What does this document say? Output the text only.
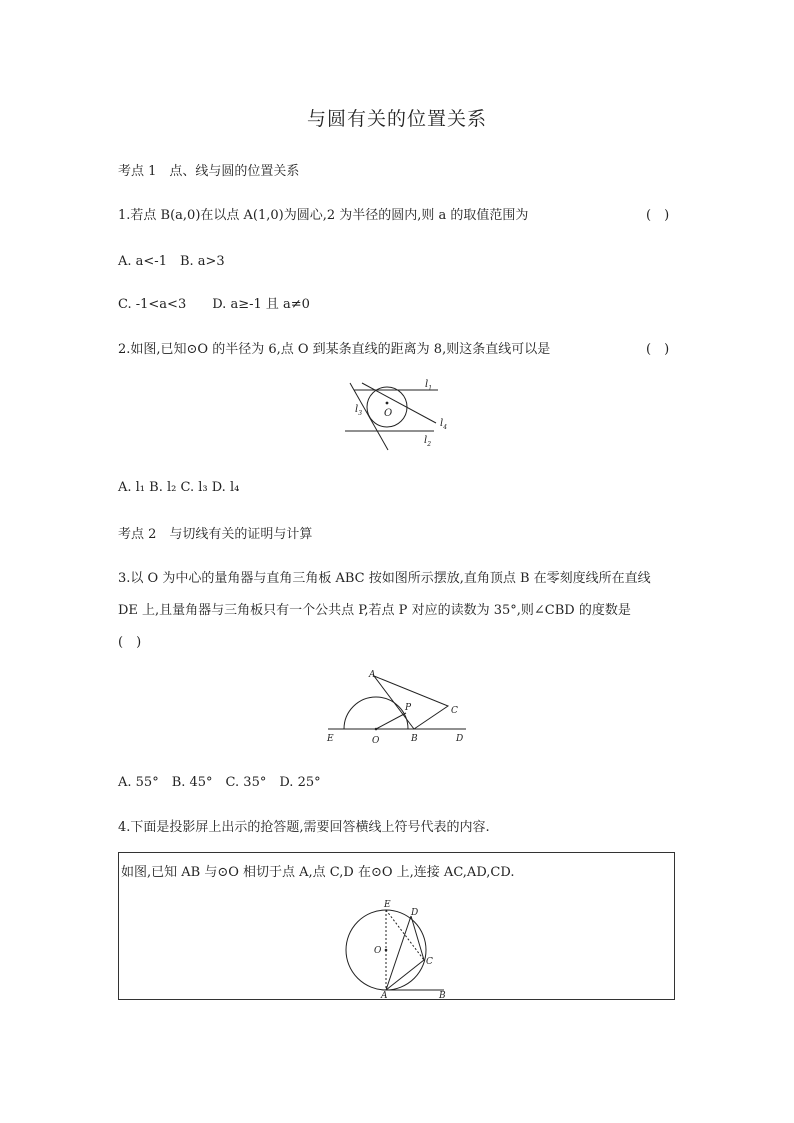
与圆有关的位置关系
考点 1　点、线与圆的位置关系
1.若点 B(a,0)在以点 A(1,0)为圆心,2 为半径的圆内,则 a 的取值范围为	(　)
A. a<-1　B. a>3
C. -1<a<3　　D. a≥-1 且 a≠0
2.如图,已知⊙O 的半径为 6,点 O 到某条直线的距离为 8,则这条直线可以是	(　)
O
$l_1$
$l_2$
$l_3$
$l_4$
A. l₁ B. l₂ C. l₃ D. l₄
考点 2　与切线有关的证明与计算
3.以 O 为中心的量角器与直角三角板 ABC 按如图所示摆放,直角顶点 B 在零刻度线所在直线
DE 上,且量角器与三角板只有一个公共点 P,若点 P 对应的读数为 35°,则∠CBD 的度数是
(　)
A
C
P
E	O	B	D
A. 55°　B. 45°　C. 35°　D. 25°
4.下面是投影屏上出示的抢答题,需要回答横线上符号代表的内容.
如图,已知 AB 与⊙O 相切于点 A,点 C,D 在⊙O 上,连接 AC,AD,CD.
E
D
O
C
A	B
